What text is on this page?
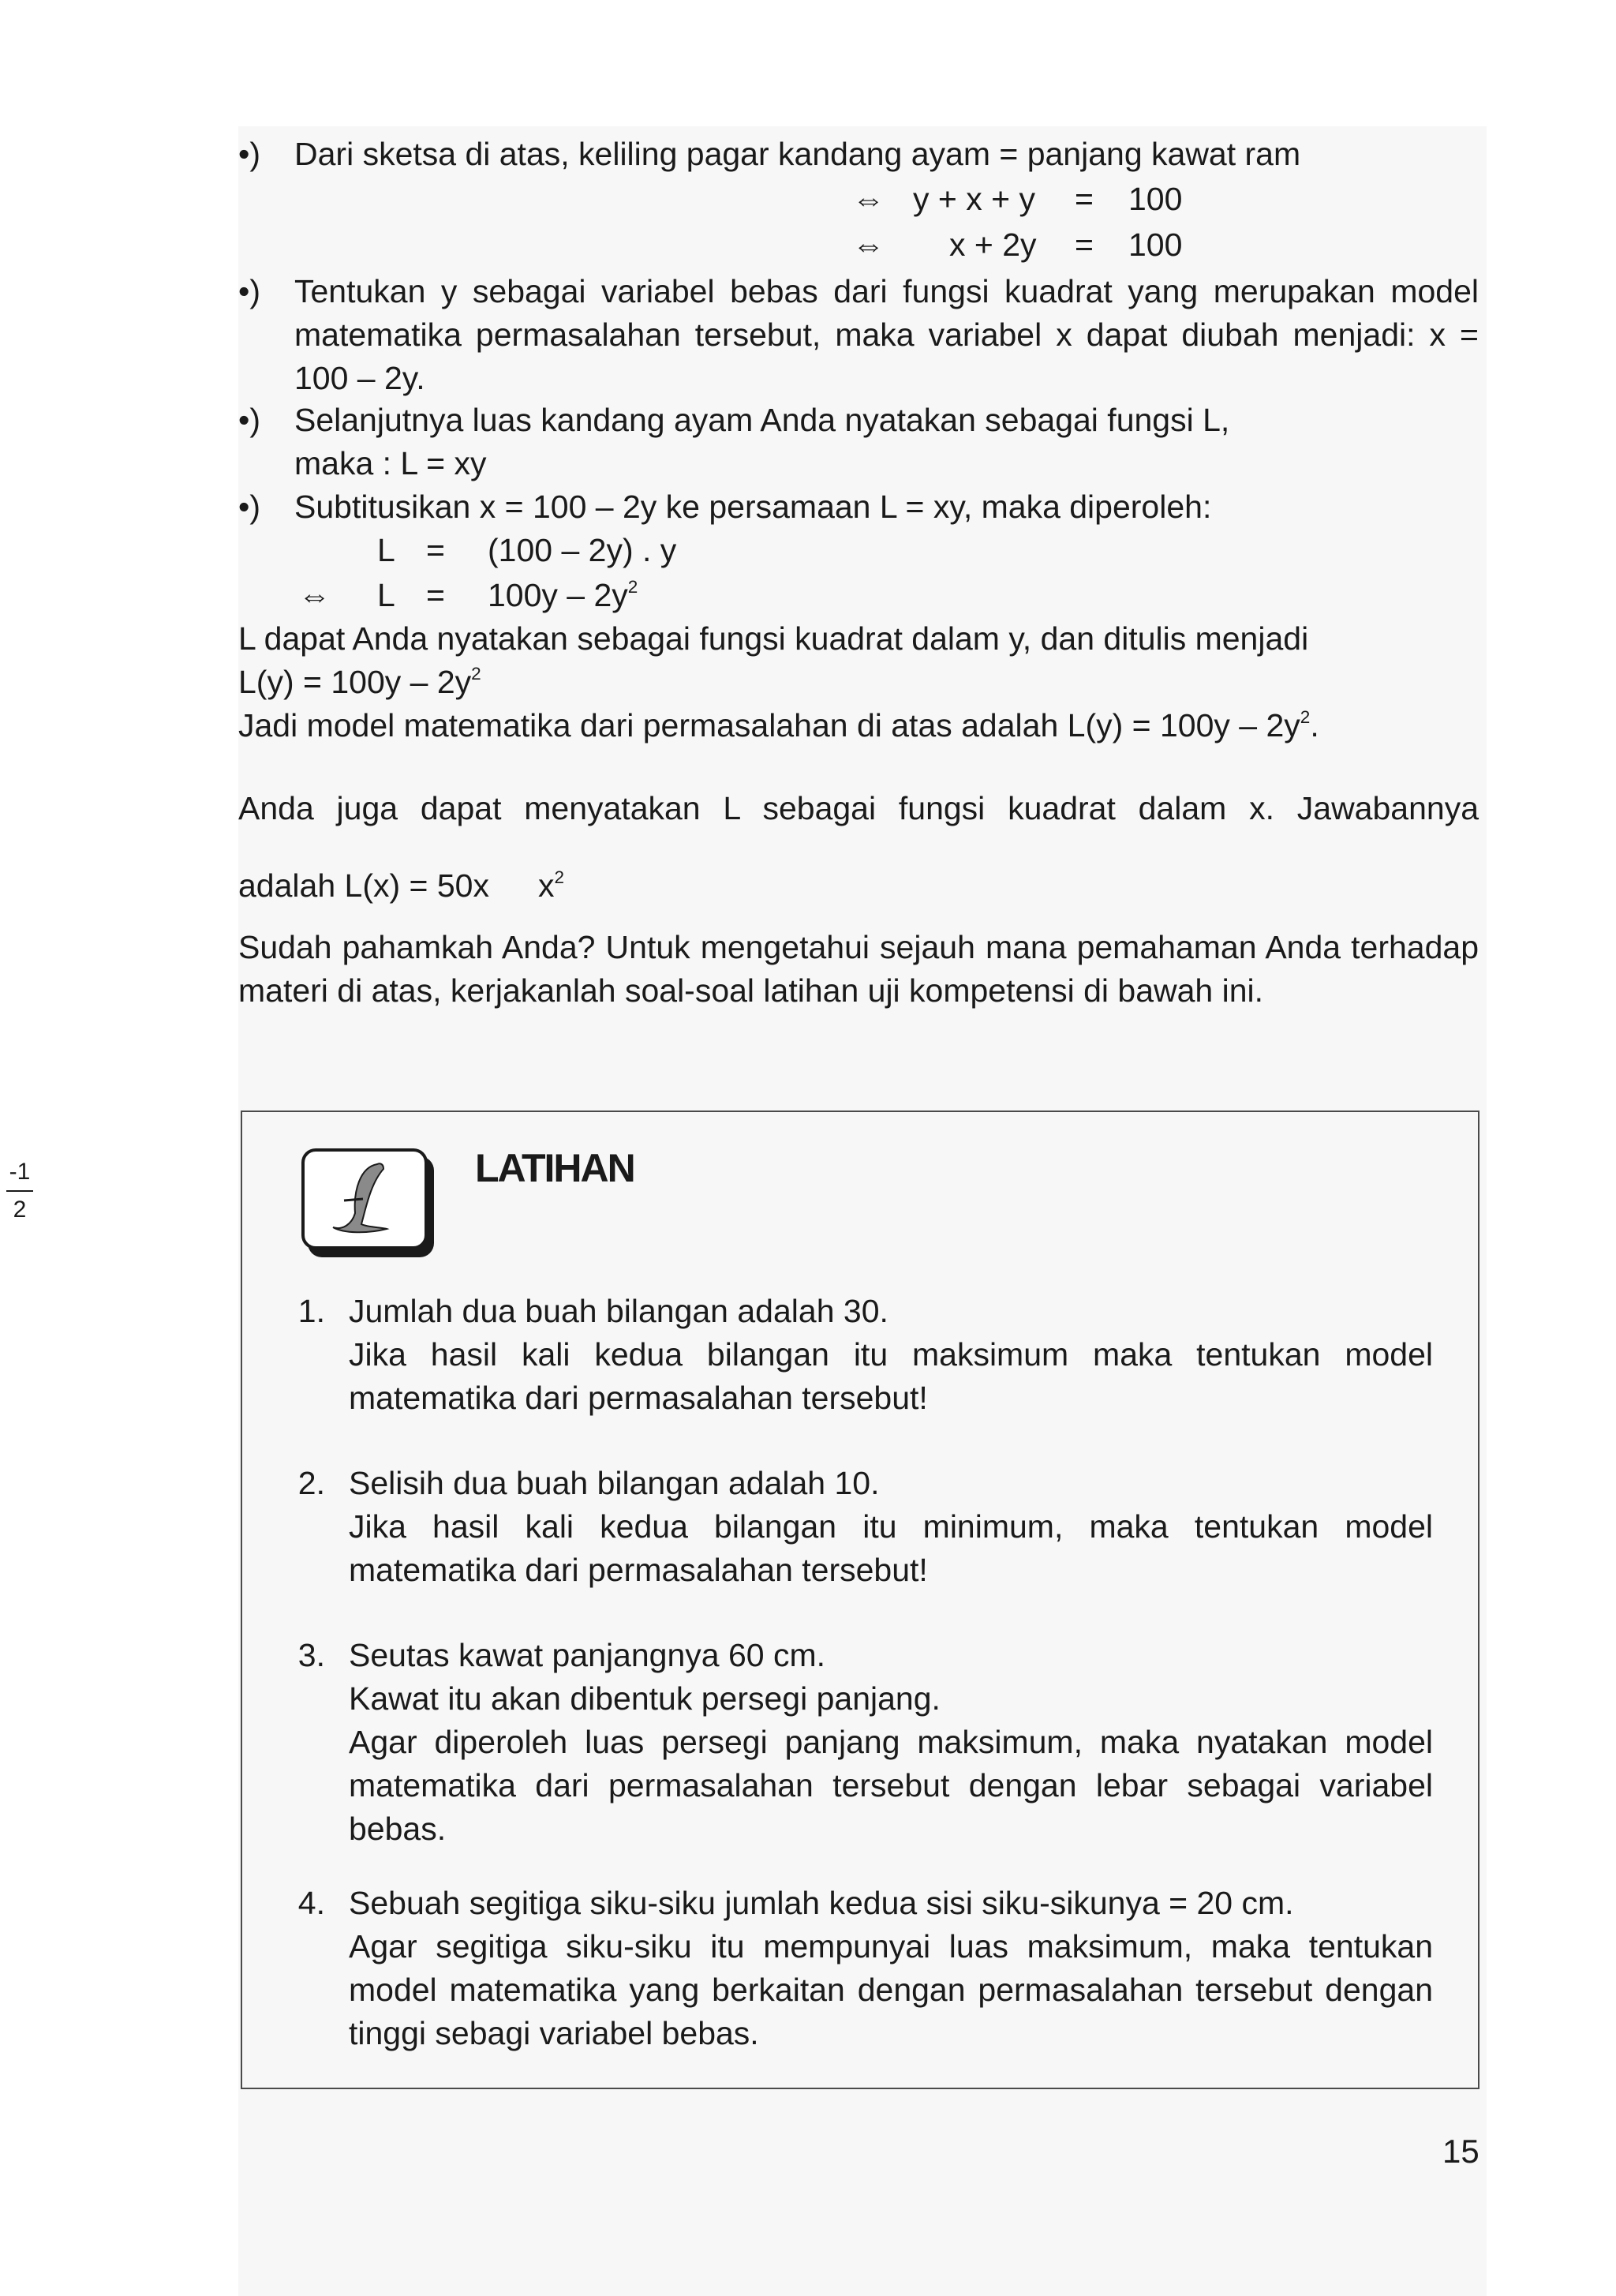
•) Dari sketsa di atas, keliling pagar kandang ayam = panjang kawat ram
⇔ y + x + y = 100
⇔ x + 2y = 100
•) Tentukan y sebagai variabel bebas dari fungsi kuadrat yang merupakan model matematika permasalahan tersebut, maka variabel x dapat diubah menjadi: x = 100 – 2y.
•) Selanjutnya luas kandang ayam Anda nyatakan sebagai fungsi L,
maka : L = xy
•) Subtitusikan x = 100 – 2y ke persamaan L = xy, maka diperoleh:
L = (100 – 2y) . y
⇔ $L = 100y - 2y^2$
L dapat Anda nyatakan sebagai fungsi kuadrat dalam y, dan ditulis menjadi
$L(y) = 100y - 2y^2$
Jadi model matematika dari permasalahan di atas adalah $L(y) = 100y - 2y^2$.
Anda juga dapat menyatakan L sebagai fungsi kuadrat dalam x. Jawabannya
adalah L(x) = 50x $x^2$
Sudah pahamkah Anda? Untuk mengetahui sejauh mana pemahaman Anda terhadap materi di atas, kerjakanlah soal-soal latihan uji kompetensi di bawah ini.
-1
2
LATIHAN
1. Jumlah dua buah bilangan adalah 30.
Jika hasil kali kedua bilangan itu maksimum maka tentukan model matematika dari permasalahan tersebut!
2. Selisih dua buah bilangan adalah 10.
Jika hasil kali kedua bilangan itu minimum, maka tentukan model matematika dari permasalahan tersebut!
3. Seutas kawat panjangnya 60 cm.
Kawat itu akan dibentuk persegi panjang.
Agar diperoleh luas persegi panjang maksimum, maka nyatakan model matematika dari permasalahan tersebut dengan lebar sebagai variabel bebas.
4. Sebuah segitiga siku-siku jumlah kedua sisi siku-sikunya = 20 cm.
Agar segitiga siku-siku itu mempunyai luas maksimum, maka tentukan model matematika yang berkaitan dengan permasalahan tersebut dengan tinggi sebagi variabel bebas.
15
